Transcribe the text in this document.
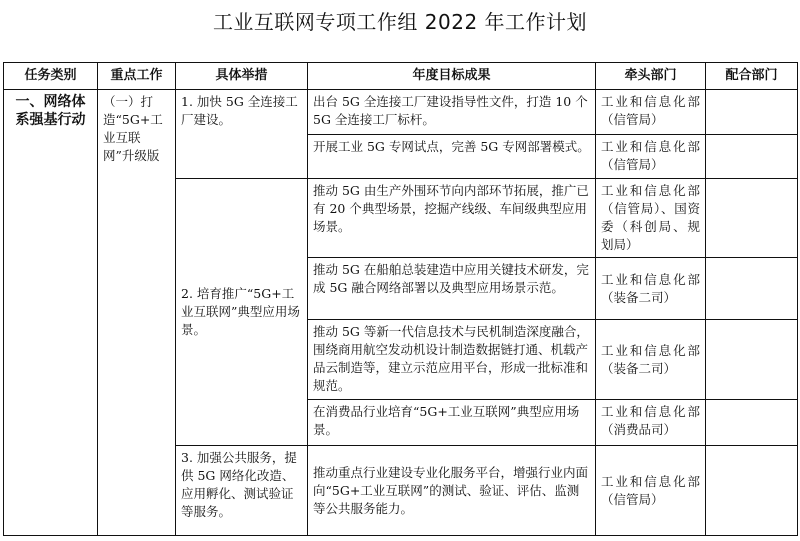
工业互联网专项工作组 2022 年工作计划
任务类别	重点工作	具体举措	年度目标成果	牵头部门	配合部门
一、网络体系强基行动	（一）打造“5G+工业互联网”升级版	1. 加快 5G 全连接工厂建设。	出台 5G 全连接工厂建设指导性文件，打造 10 个 5G 全连接工厂标杆。	工业和信息化部（信管局）	
			开展工业 5G 专网试点，完善 5G 专网部署模式。	工业和信息化部（信管局）	
		2. 培育推广“5G+工业互联网”典型应用场景。	推动 5G 由生产外围环节向内部环节拓展，推广已有 20 个典型场景，挖掘产线级、车间级典型应用场景。	工业和信息化部（信管局）、国资委（科创局、规划局）	
			推动 5G 在船舶总装建造中应用关键技术研发，完成 5G 融合网络部署以及典型应用场景示范。	工业和信息化部（装备二司）	
			推动 5G 等新一代信息技术与民机制造深度融合，围绕商用航空发动机设计制造数据链打通、机载产品云制造等，建立示范应用平台，形成一批标准和规范。	工业和信息化部（装备二司）	
			在消费品行业培育“5G+工业互联网”典型应用场景。	工业和信息化部（消费品司）	
		3. 加强公共服务，提供 5G 网络化改造、应用孵化、测试验证等服务。	推动重点行业建设专业化服务平台，增强行业内面向“5G+工业互联网”的测试、验证、评估、监测等公共服务能力。	工业和信息化部（信管局）	
